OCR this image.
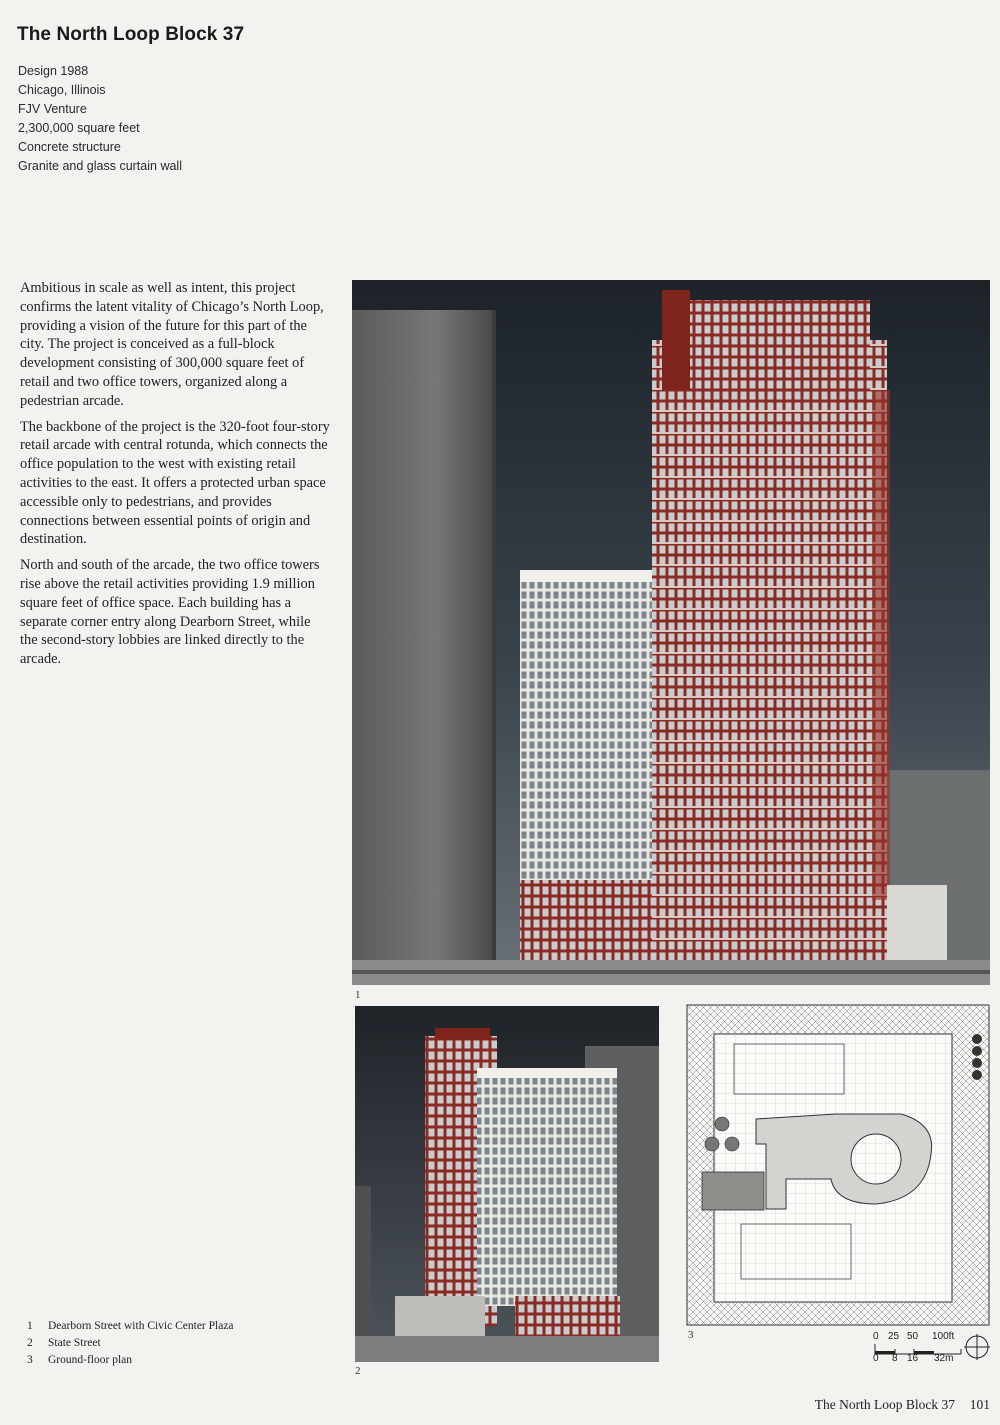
The North Loop Block 37
Design 1988
Chicago, Illinois
FJV Venture
2,300,000 square feet
Concrete structure
Granite and glass curtain wall

Ambitious in scale as well as intent, this project confirms the latent vitality of Chicago’s North Loop, providing a vision of the future for this part of the city. The project is conceived as a full-block development consisting of 300,000 square feet of retail and two office towers, organized along a pedestrian arcade.

The backbone of the project is the 320-foot four-story retail arcade with central rotunda, which connects the office population to the west with existing retail activities to the east. It offers a protected urban space accessible only to pedestrians, and provides connections between essential points of origin and destination.

North and south of the arcade, the two office towers rise above the retail activities providing 1.9 million square feet of office space. Each building has a separate corner entry along Dearborn Street, while the second-story lobbies are linked directly to the arcade.

1
2
3	0 25 50 100ft
0 8 16 32m
1	Dearborn Street with Civic Center Plaza
2	State Street
3	Ground-floor plan
The North Loop Block 37 101
